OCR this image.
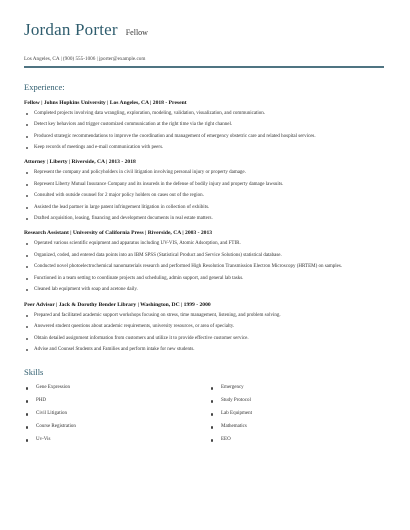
Jordan Porter Fellow
Los Angeles, CA | (900) 555-1006 | jporter@example.com
Experience:
Fellow | Johns Hopkins University | Los Angeles, CA | 2018 - Present
Completed projects involving data wrangling, exploration, modeling, validation, visualization, and communication.
Detect key behaviors and trigger customized communication at the right time via the right channel.
Produced strategic recommendations to improve the coordination and management of emergency obstetric care and related hospital services.
Keep records of meetings and e-mail communication with peers.
Attorney | Liberty | Riverside, CA | 2013 - 2018
Represent the company and policyholders in civil litigation involving personal injury or property damage.
Represent Liberty Mutual Insurance Company and its insureds in the defense of bodily injury and property damage lawsuits.
Consulted with outside counsel for 2 major policy holders on cases out of the region.
Assisted the lead partner in large patent infringement litigation in collection of exhibits.
Drafted acquisition, leasing, financing and development documents in real estate matters.
Research Assistant | University of California Press | Riverside, CA | 2003 - 2013
Operated various scientific equipment and apparatus including UV-VIS, Atomic Adsorption, and FTIR.
Organized, coded, and entered data points into an IBM SPSS (Statistical Product and Service Solutions) statistical database.
Conducted novel photoelectrochemical nanomaterials research and performed High Resolution Transmission Electron Microscopy (HRTEM) on samples.
Functioned in a team setting to coordinate projects and scheduling, admin support, and general lab tasks.
Cleaned lab equipment with soap and acetone daily.
Peer Advisor | Jack & Dorothy Bender Library | Washington, DC | 1999 - 2000
Prepared and facilitated academic support workshops focusing on stress, time management, listening, and problem solving.
Answered student questions about academic requirements, university resources, or area of specialty.
Obtain detailed assignment information from customers and utilize it to provide effective customer service.
Advise and Counsel Students and Families and perform intake for new students.
Skills
Gene Expression	Emergency
PHD	Study Protocol
Civil Litigation	Lab Equipment
Course Registration	Mathematics
Uv-Vis	EEO
